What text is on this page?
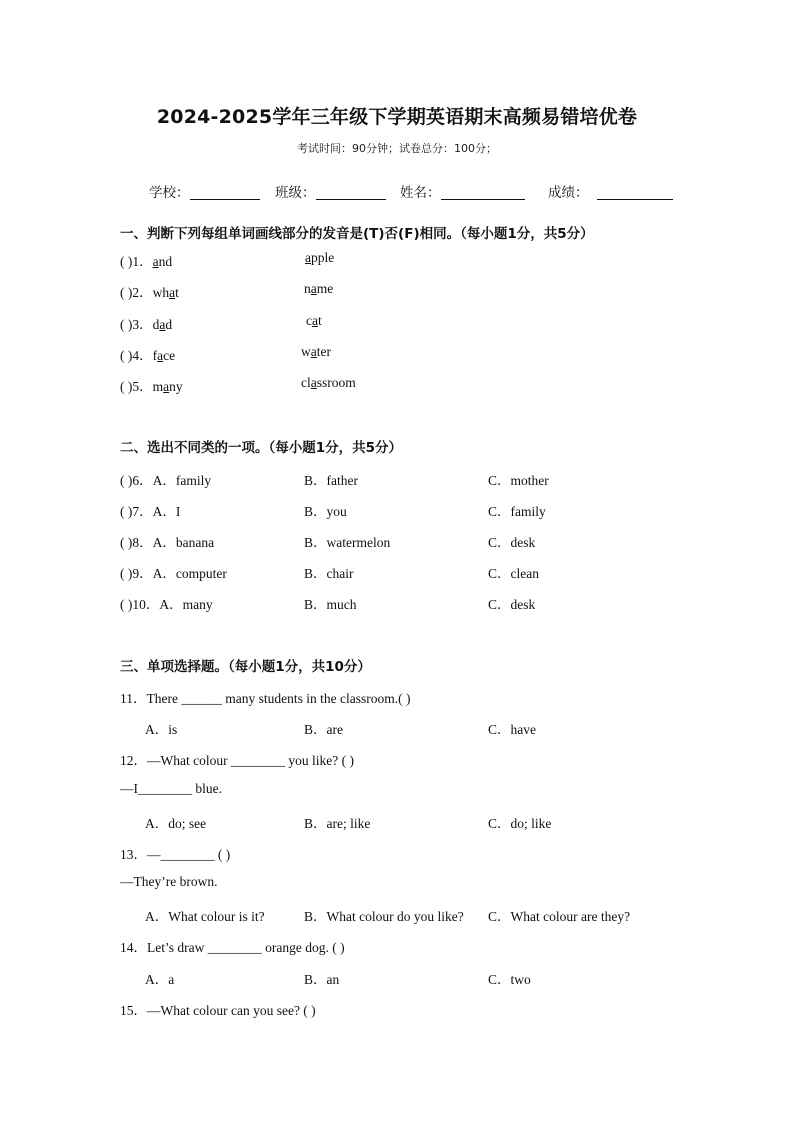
2024-2025学年三年级下学期英语期末高频易错培优卷
考试时间：90分钟；试卷总分：100分；
学校：	班级：	姓名：	成绩：
一、判断下列每组单词画线部分的发音是(T)否(F)相同。（每小题1分，共5分）
( )1．and	apple
( )2．what	name
( )3．dad	cat
( )4．face	water
( )5．many	classroom
二、选出不同类的一项。（每小题1分，共5分）
( )6．A．family	B．father	C．mother
( )7．A．I	B．you	C．family
( )8．A．banana	B．watermelon	C．desk
( )9．A．computer	B．chair	C．clean
( )10．A．many	B．much	C．desk
三、单项选择题。（每小题1分，共10分）
11．There ______ many students in the classroom.( )
A．is	B．are	C．have
12．—What colour ________ you like? ( )
—I________ blue.
A．do; see	B．are; like	C．do; like
13．—________ ( )
—They’re brown.
A．What colour is it?	B．What colour do you like? C．What colour are they?
14．Let’s draw ________ orange dog. ( )
A．a	B．an	C．two
15．—What colour can you see? ( )
